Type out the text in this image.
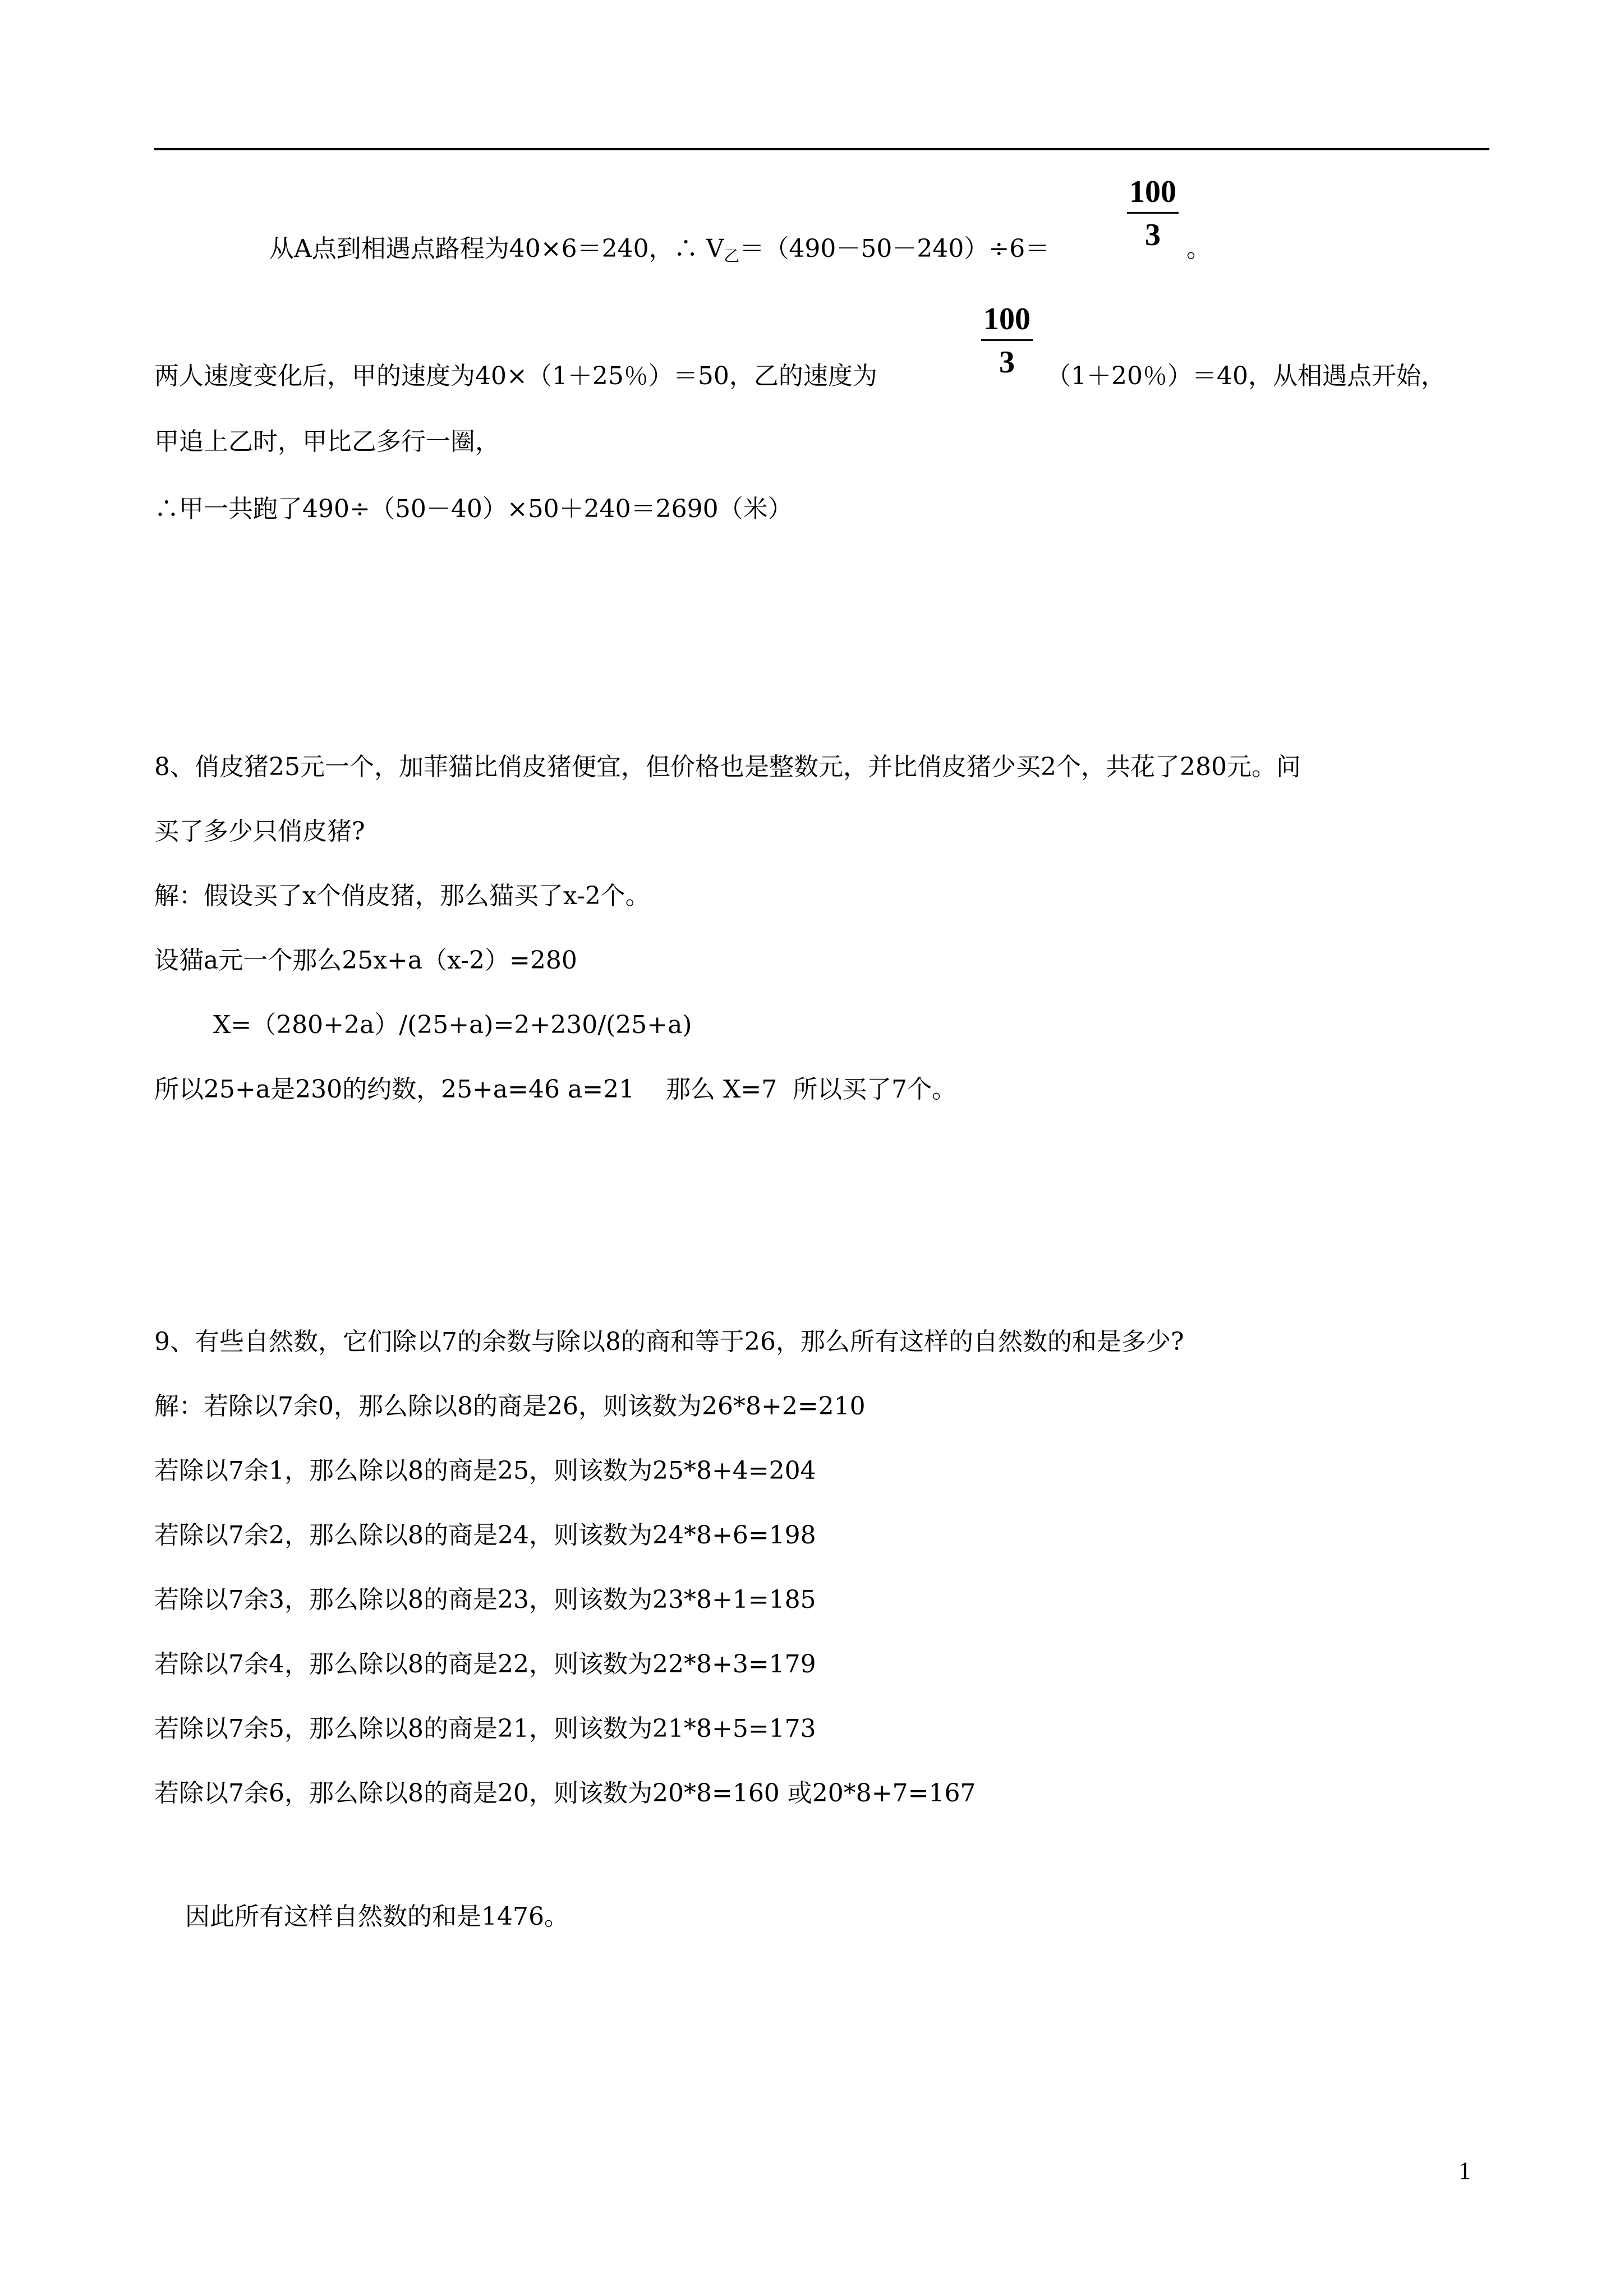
从A点到相遇点路程为40×6＝240，∴ $V_乙=(490-50-240)\div 6=$
100
3	。
两人速度变化后，甲的速度为40×（1＋25％）＝50，乙的速度为
100
3	（1＋20％）＝40，从相遇点开始，
甲追上乙时，甲比乙多行一圈，
∴甲一共跑了490÷（50－40）×50＋240＝2690（米）
8、俏皮猪25元一个，加菲猫比俏皮猪便宜，但价格也是整数元，并比俏皮猪少买2个，共花了280元。问
买了多少只俏皮猪?
解：假设买了x个俏皮猪，那么猫买了x-2个。
设猫a元一个那么25x+a（x-2）=280
X=（280+2a）/(25+a)=2+230/(25+a)
所以25+a是230的约数，25+a=46 a=21    那么 X=7  所以买了7个。
9、有些自然数，它们除以7的余数与除以8的商和等于26，那么所有这样的自然数的和是多少?
解：若除以7余0，那么除以8的商是26，则该数为26*8+2=210
若除以7余1，那么除以8的商是25，则该数为25*8+4=204
若除以7余2，那么除以8的商是24，则该数为24*8+6=198
若除以7余3，那么除以8的商是23，则该数为23*8+1=185
若除以7余4，那么除以8的商是22，则该数为22*8+3=179
若除以7余5，那么除以8的商是21，则该数为21*8+5=173
若除以7余6，那么除以8的商是20，则该数为20*8=160 或20*8+7=167
因此所有这样自然数的和是1476。
1
